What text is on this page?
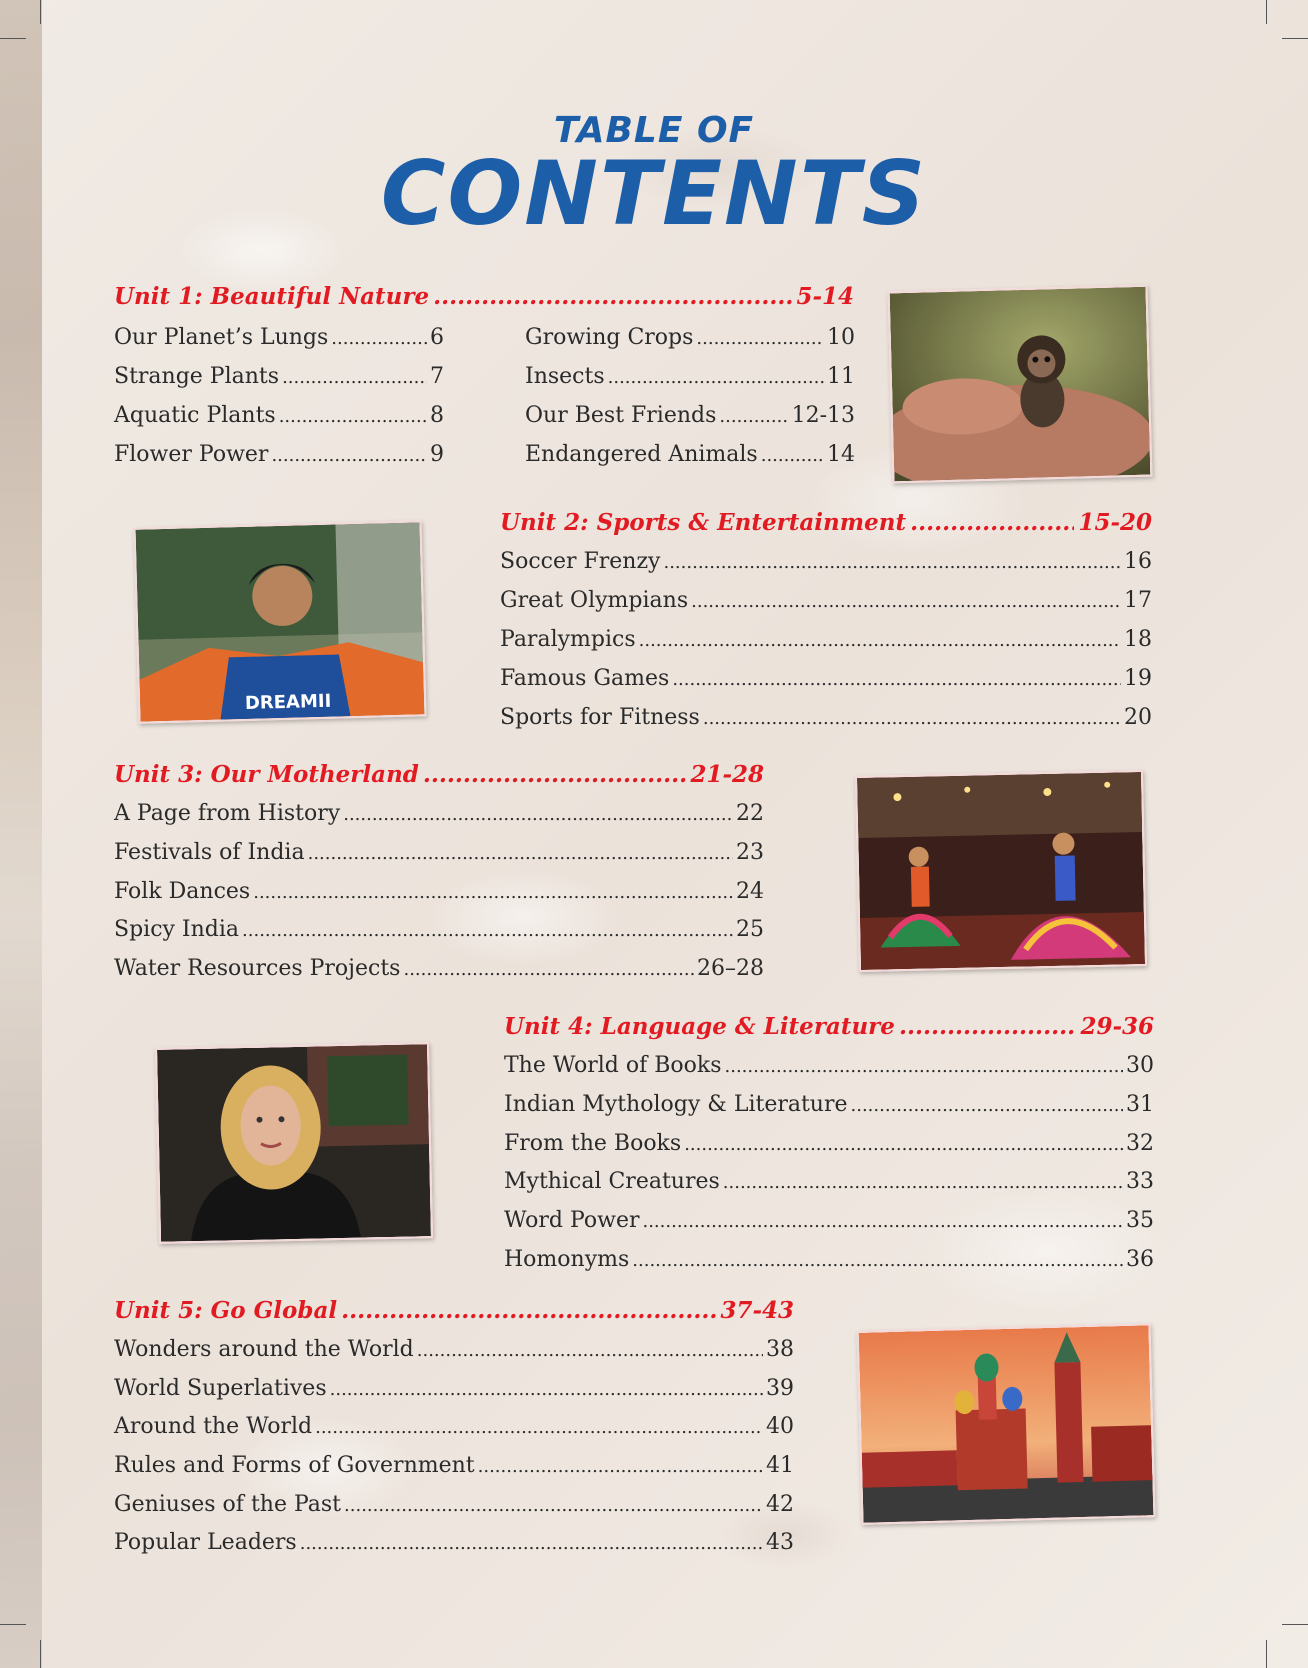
TABLE OF
CONTENTS
Unit 1: Beautiful Nature .....	5-14
Our Planet’s Lungs .....	6
Strange Plants .....	7
Aquatic Plants .....	8
Flower Power .....	9
Growing Crops .....	10
Insects .....	11
Our Best Friends .....	12-13
Endangered Animals .....	14
DREAMII
Unit 2: Sports & Entertainment .....	15-20
Soccer Frenzy .....	16
Great Olympians .....	17
Paralympics .....	18
Famous Games .....	19
Sports for Fitness .....	20
Unit 3: Our Motherland .....	21-28
A Page from History .....	22
Festivals of India .....	23
Folk Dances .....	24
Spicy India .....	25
Water Resources Projects .....	26–28
Unit 4: Language & Literature .....	29-36
The World of Books .....	30
Indian Mythology & Literature .....	31
From the Books .....	32
Mythical Creatures .....	33
Word Power .....	35
Homonyms .....	36
Unit 5: Go Global .....	37-43
Wonders around the World .....	38
World Superlatives .....	39
Around the World .....	40
Rules and Forms of Government .....	41
Geniuses of the Past .....	42
Popular Leaders .....	43
